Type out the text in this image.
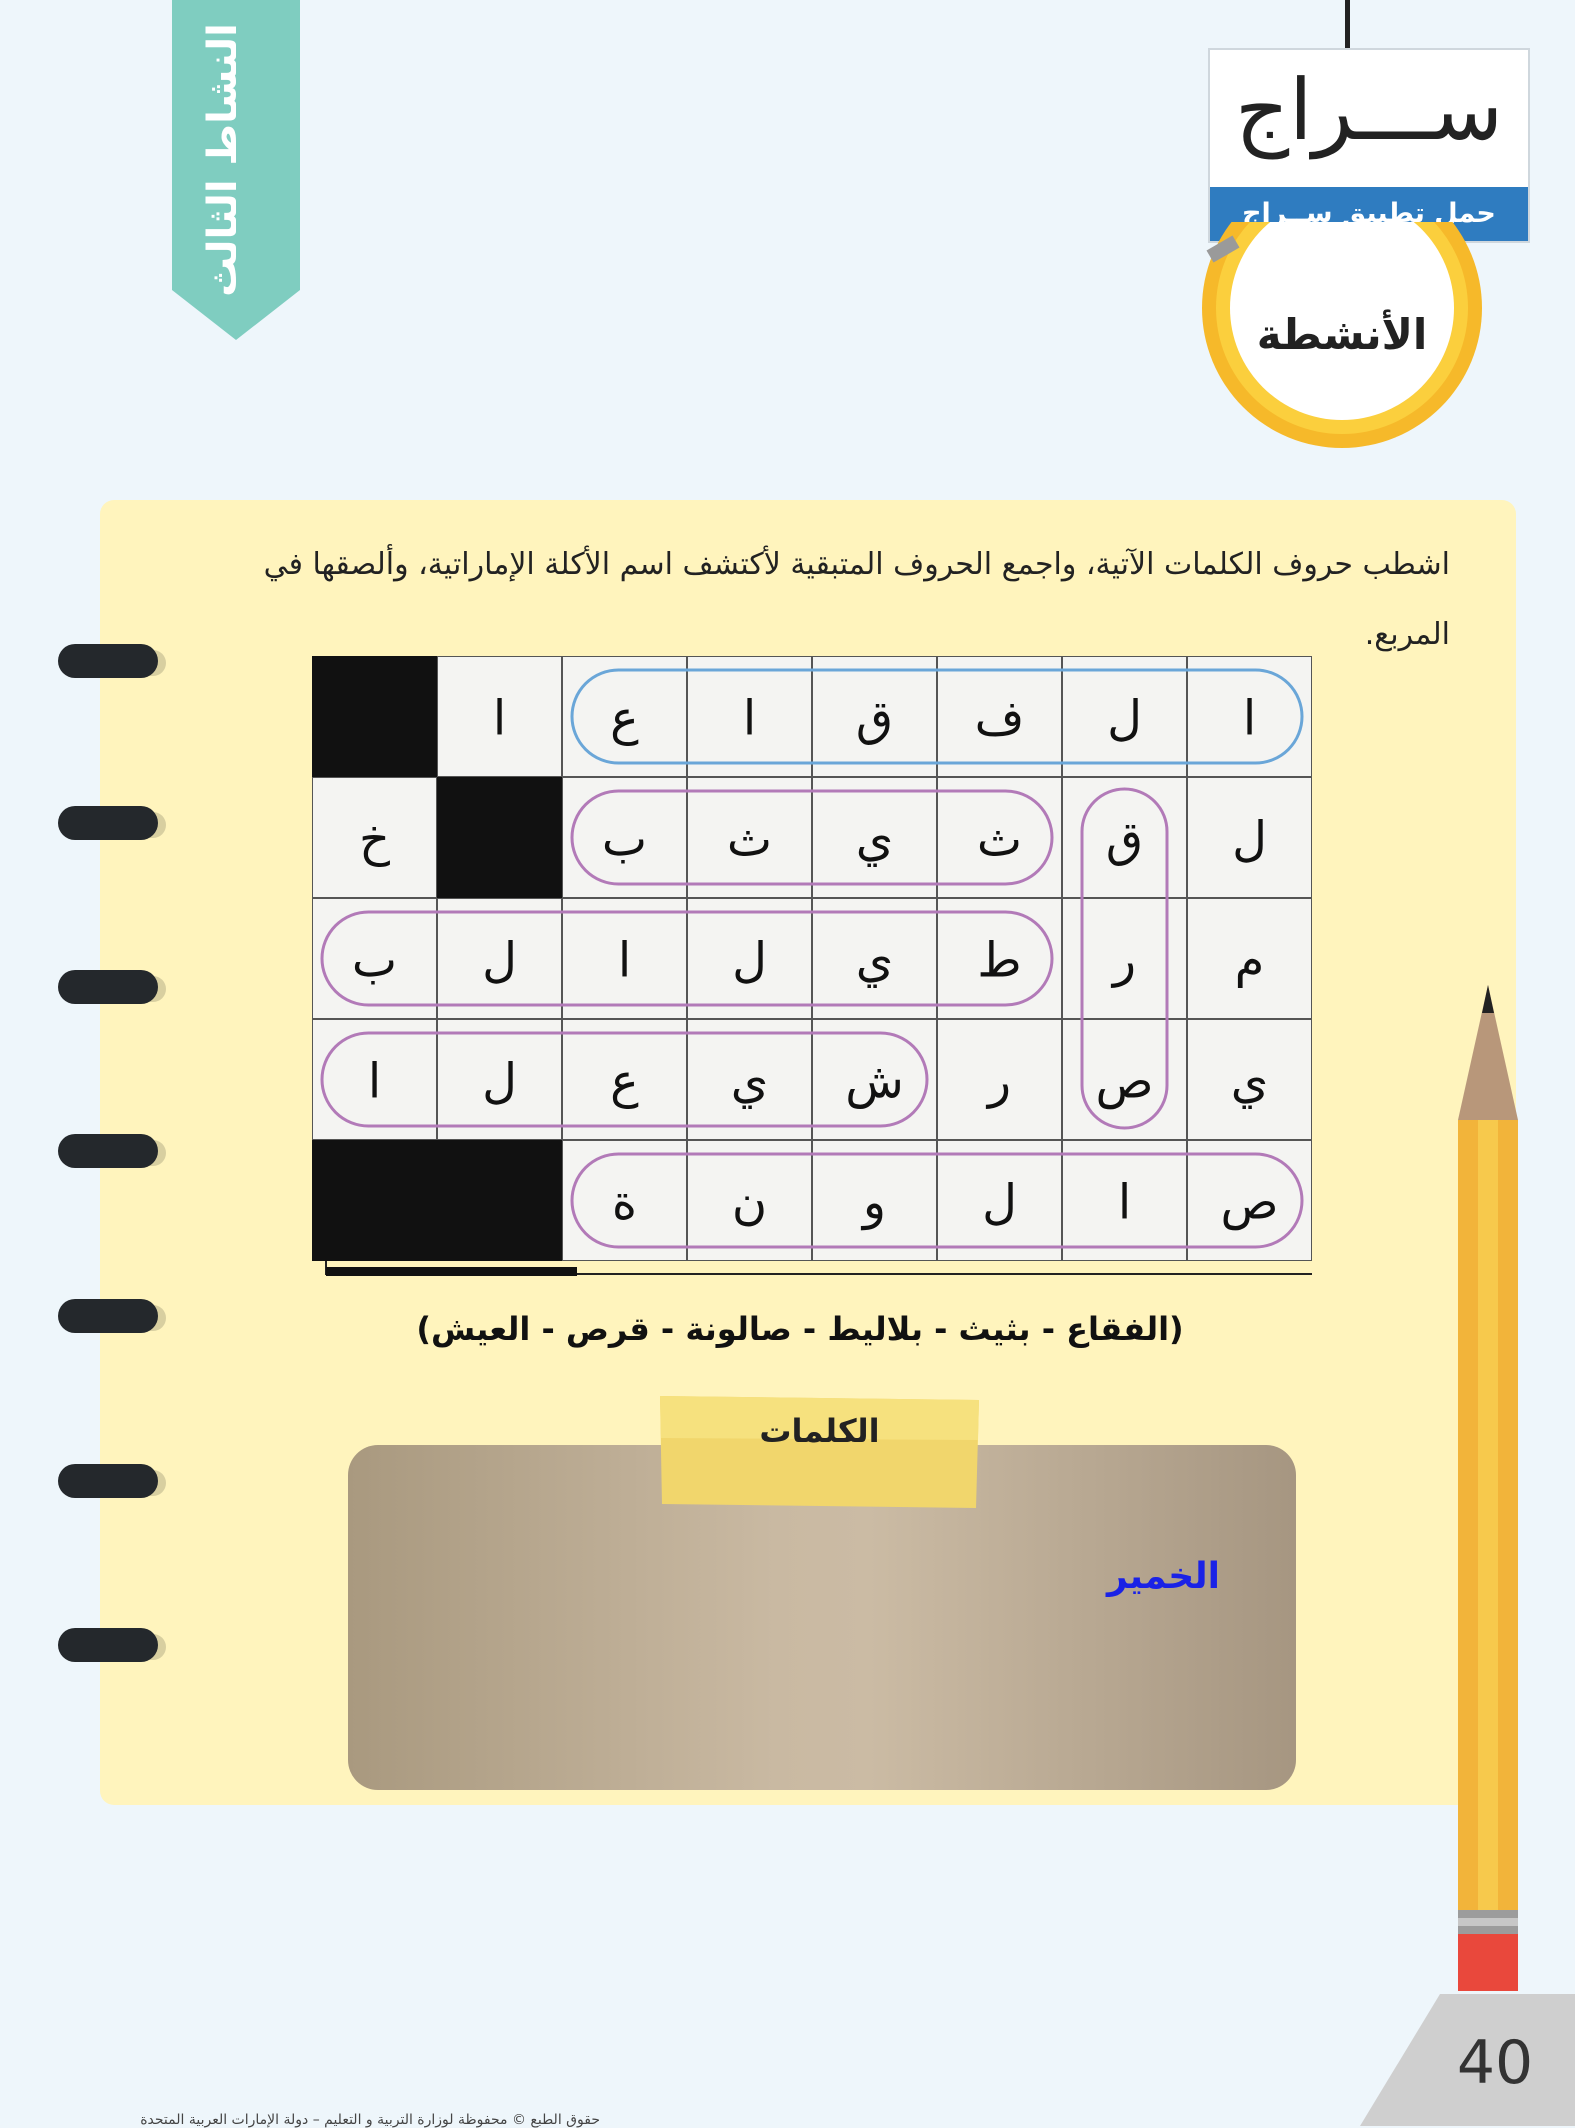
النشاط الثالث	ســـراج
حمل تطبيق ســراج
الأنشطة
اشطب حروف الكلمات الآتية، واجمع الحروف المتبقية لأكتشف اسم الأكلة الإماراتية، وألصقها في المربع.
ا
ل
ف
ق
ا
ع
ا
ل
ق
ث
ي
ث
ب
خ
م
ر
ط
ي
ل
ا
ل
ب
ي
ص
ر
ش
ي
ع
ل
ا
ص
ا
ل
و
ن
ة
(الفقاع - بثيث - بلاليط - صالونة - قرص - العيش)
الكلمات
الخمير
40
حقوق الطبع © محفوظة لوزارة التربية و التعليم – دولة الإمارات العربية المتحدة
